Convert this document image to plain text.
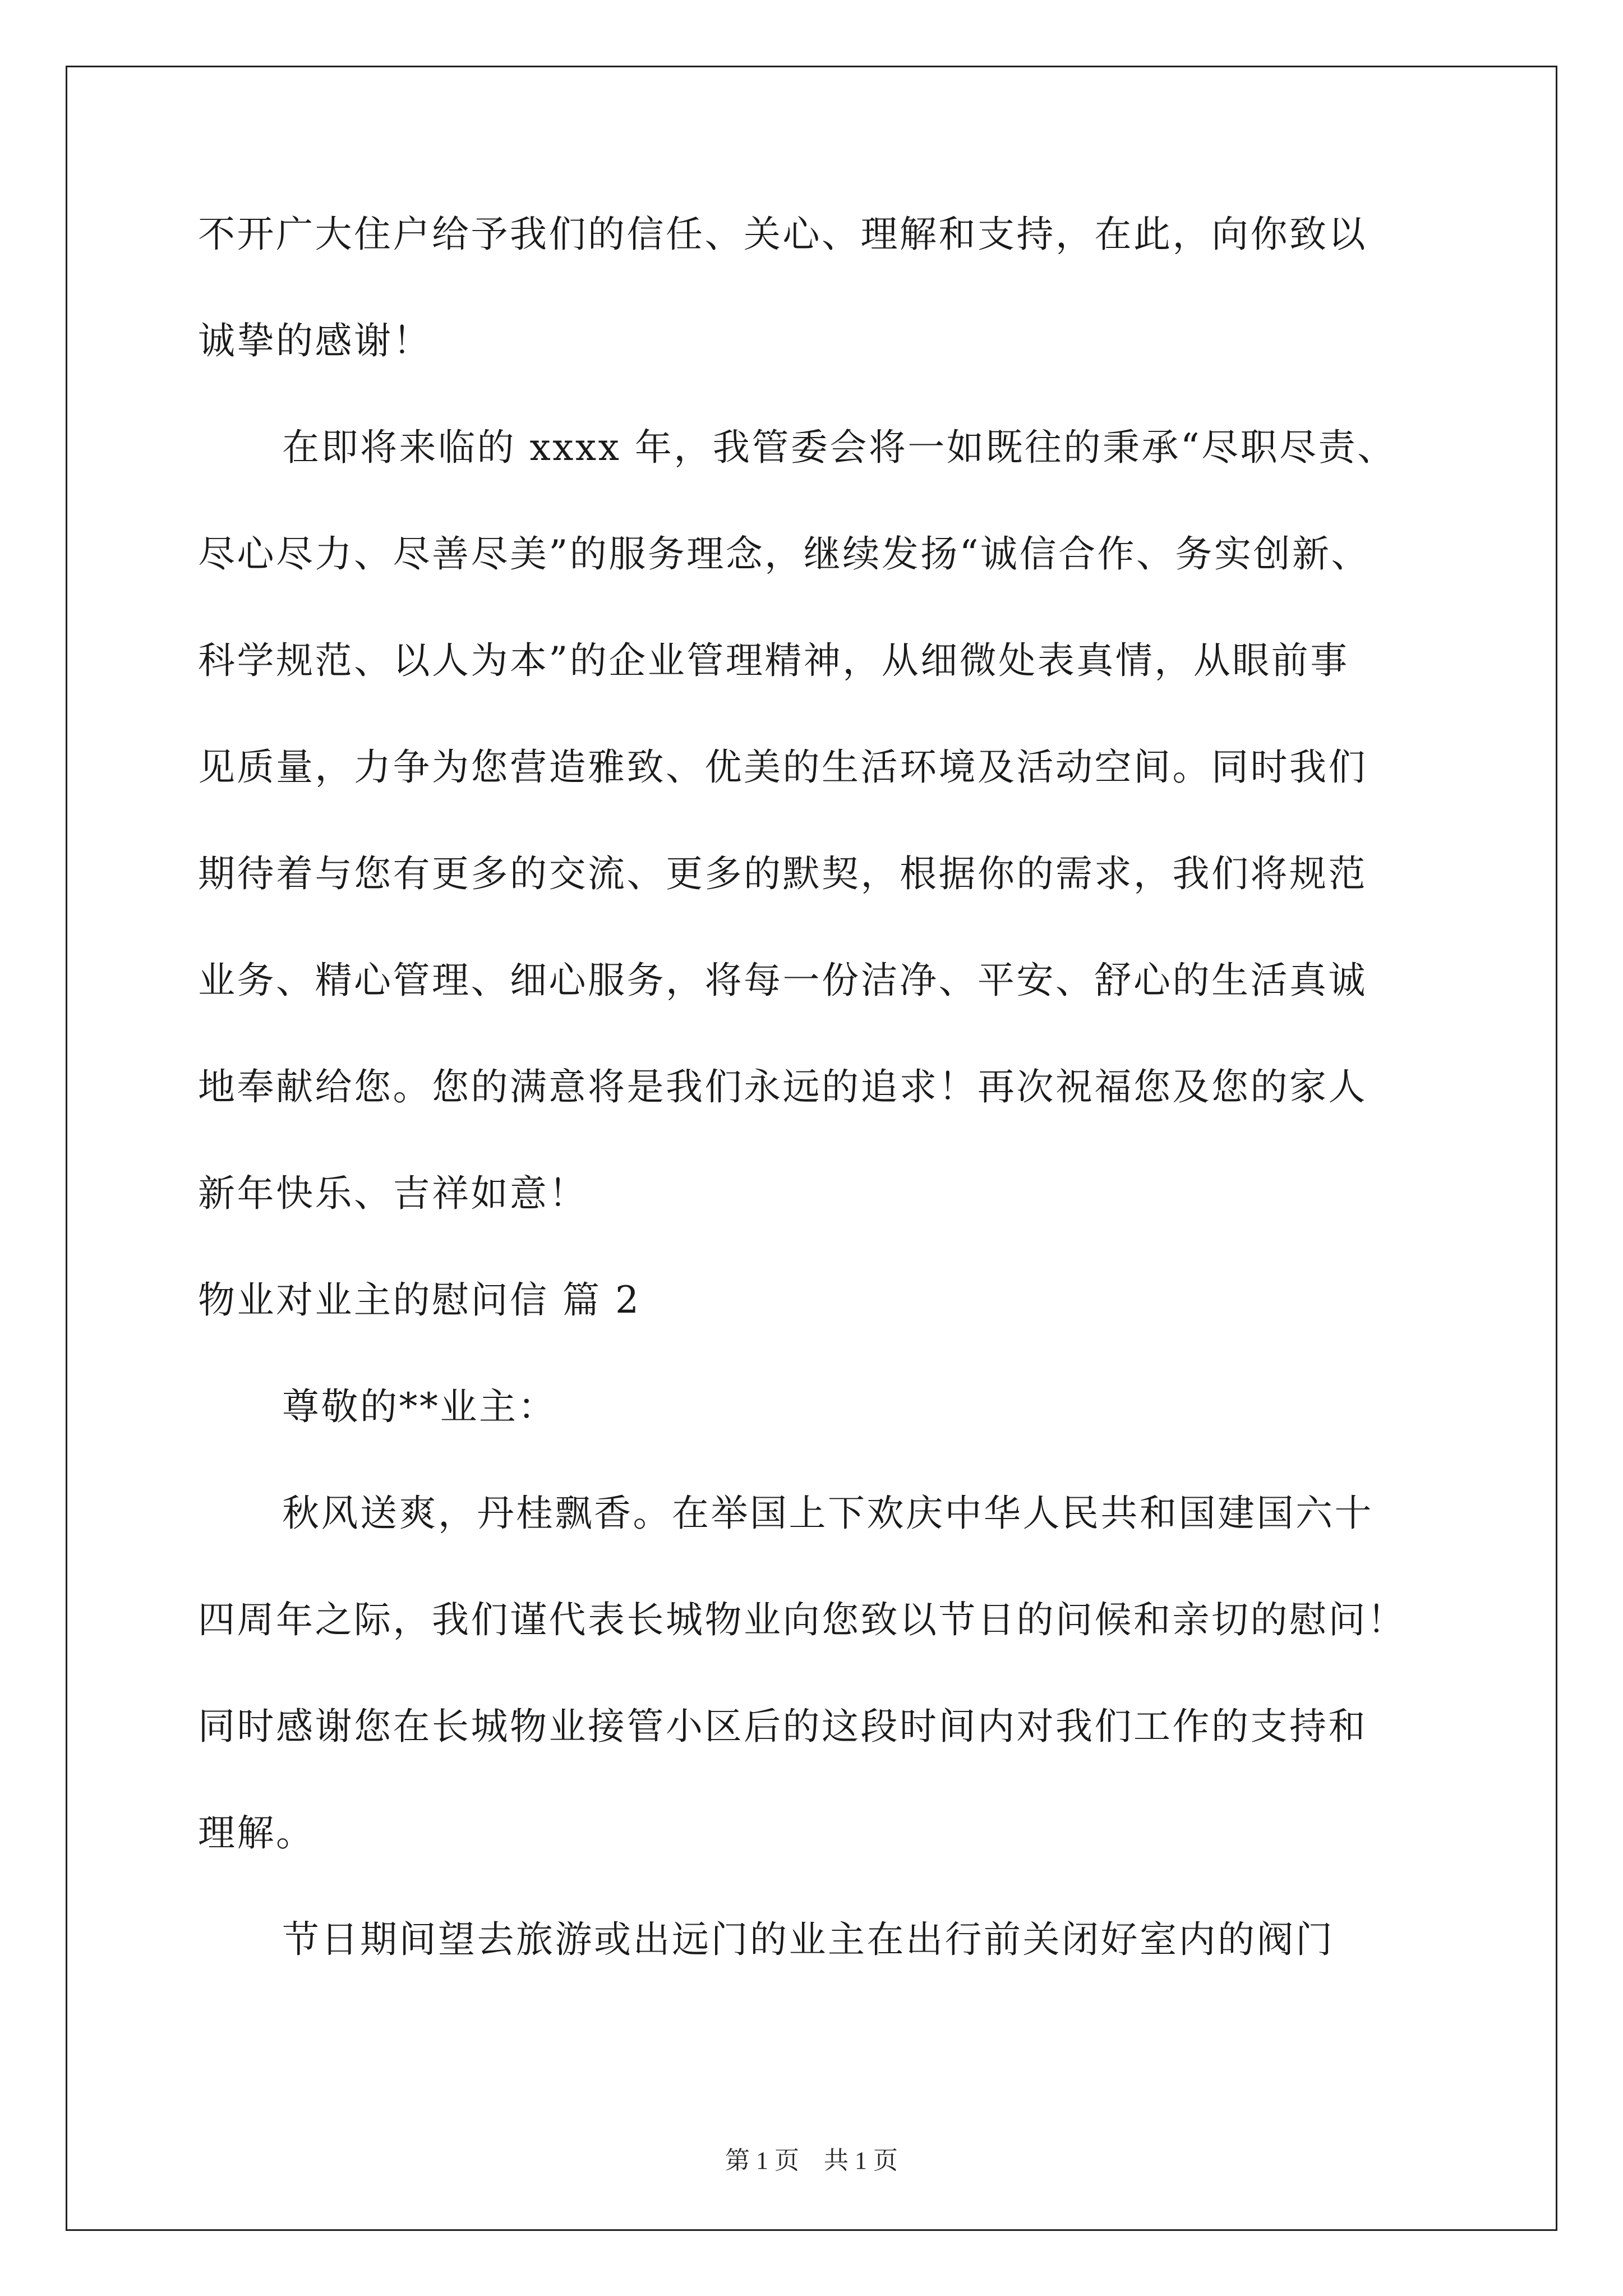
不开广大住户给予我们的信任、关心、理解和支持，在此，向你致以
诚挚的感谢！
在即将来临的 xxxx 年，我管委会将一如既往的秉承“尽职尽责、
尽心尽力、尽善尽美”的服务理念，继续发扬“诚信合作、务实创新、
科学规范、以人为本”的企业管理精神，从细微处表真情，从眼前事
见质量，力争为您营造雅致、优美的生活环境及活动空间。同时我们
期待着与您有更多的交流、更多的默契，根据你的需求，我们将规范
业务、精心管理、细心服务，将每一份洁净、平安、舒心的生活真诚
地奉献给您。您的满意将是我们永远的追求！再次祝福您及您的家人
新年快乐、吉祥如意！
物业对业主的慰问信 篇 2
尊敬的**业主：
秋风送爽，丹桂飘香。在举国上下欢庆中华人民共和国建国六十
四周年之际，我们谨代表长城物业向您致以节日的问候和亲切的慰问！
同时感谢您在长城物业接管小区后的这段时间内对我们工作的支持和
理解。
节日期间望去旅游或出远门的业主在出行前关闭好室内的阀门
第 1 页　共 1 页
